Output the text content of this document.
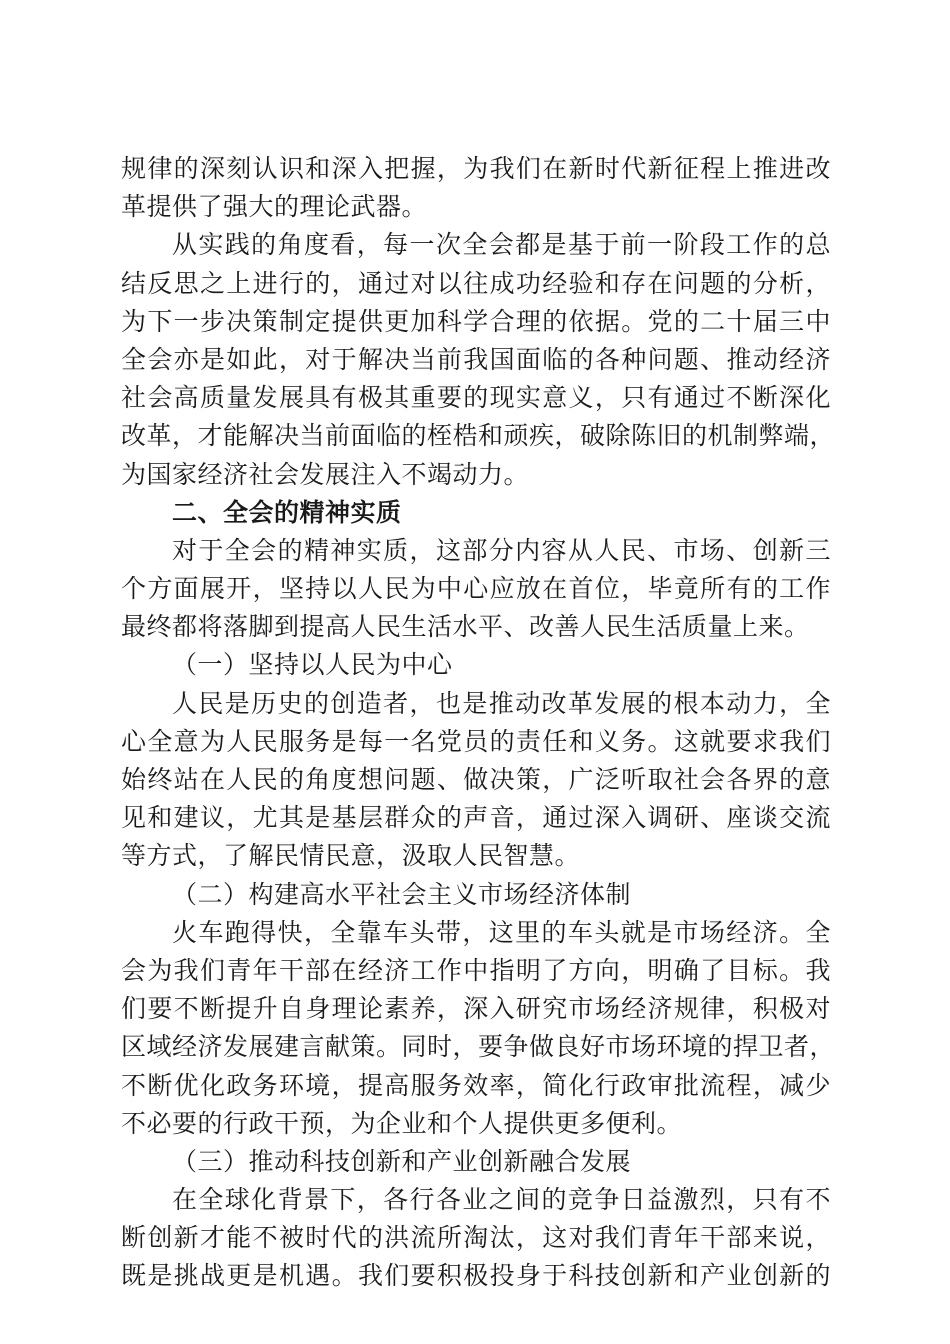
规律的深刻认识和深入把握，为我们在新时代新征程上推进改
革提供了强大的理论武器。
从实践的角度看，每一次全会都是基于前一阶段工作的总
结反思之上进行的，通过对以往成功经验和存在问题的分析，
为下一步决策制定提供更加科学合理的依据。党的二十届三中
全会亦是如此，对于解决当前我国面临的各种问题、推动经济
社会高质量发展具有极其重要的现实意义，只有通过不断深化
改革，才能解决当前面临的桎梏和顽疾，破除陈旧的机制弊端，
为国家经济社会发展注入不竭动力。
二、全会的精神实质
对于全会的精神实质，这部分内容从人民、市场、创新三
个方面展开，坚持以人民为中心应放在首位，毕竟所有的工作
最终都将落脚到提高人民生活水平、改善人民生活质量上来。
（一）坚持以人民为中心
人民是历史的创造者，也是推动改革发展的根本动力，全
心全意为人民服务是每一名党员的责任和义务。这就要求我们
始终站在人民的角度想问题、做决策，广泛听取社会各界的意
见和建议，尤其是基层群众的声音，通过深入调研、座谈交流
等方式，了解民情民意，汲取人民智慧。
（二）构建高水平社会主义市场经济体制
火车跑得快，全靠车头带，这里的车头就是市场经济。全
会为我们青年干部在经济工作中指明了方向，明确了目标。我
们要不断提升自身理论素养，深入研究市场经济规律，积极对
区域经济发展建言献策。同时，要争做良好市场环境的捍卫者，
不断优化政务环境，提高服务效率，简化行政审批流程，减少
不必要的行政干预，为企业和个人提供更多便利。
（三）推动科技创新和产业创新融合发展
在全球化背景下，各行各业之间的竞争日益激烈，只有不
断创新才能不被时代的洪流所淘汰，这对我们青年干部来说，
既是挑战更是机遇。我们要积极投身于科技创新和产业创新的
